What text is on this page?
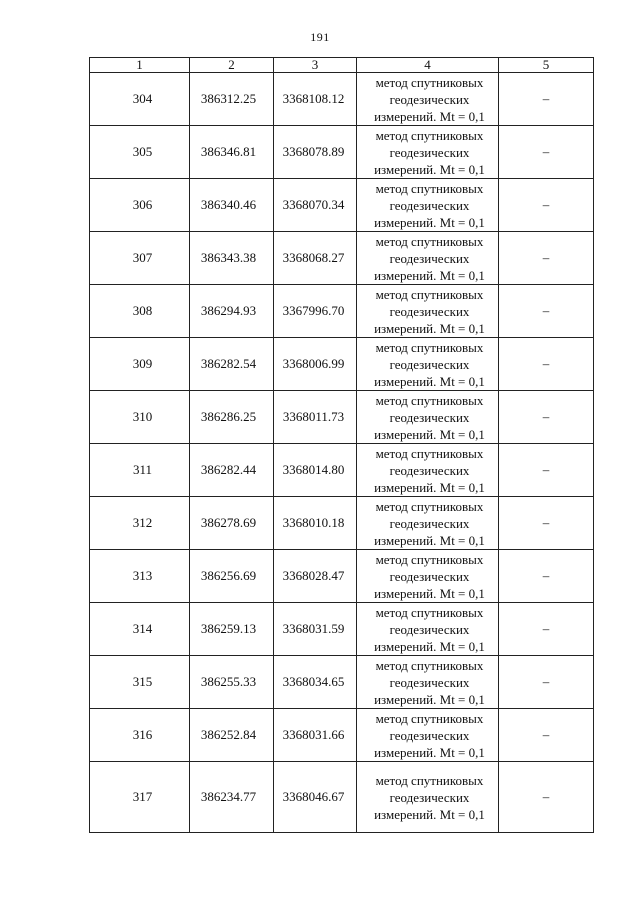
191
1	2	3	4	5
304	386312.25	3368108.12	метод спутниковых
геодезических
измерений. Mt = 0,1	–
305	386346.81	3368078.89	метод спутниковых
геодезических
измерений. Mt = 0,1	–
306	386340.46	3368070.34	метод спутниковых
геодезических
измерений. Mt = 0,1	–
307	386343.38	3368068.27	метод спутниковых
геодезических
измерений. Mt = 0,1	–
308	386294.93	3367996.70	метод спутниковых
геодезических
измерений. Mt = 0,1	–
309	386282.54	3368006.99	метод спутниковых
геодезических
измерений. Mt = 0,1	–
310	386286.25	3368011.73	метод спутниковых
геодезических
измерений. Mt = 0,1	–
311	386282.44	3368014.80	метод спутниковых
геодезических
измерений. Mt = 0,1	–
312	386278.69	3368010.18	метод спутниковых
геодезических
измерений. Mt = 0,1	–
313	386256.69	3368028.47	метод спутниковых
геодезических
измерений. Mt = 0,1	–
314	386259.13	3368031.59	метод спутниковых
геодезических
измерений. Mt = 0,1	–
315	386255.33	3368034.65	метод спутниковых
геодезических
измерений. Mt = 0,1	–
316	386252.84	3368031.66	метод спутниковых
геодезических
измерений. Mt = 0,1	–
317	386234.77	3368046.67	метод спутниковых
геодезических
измерений. Mt = 0,1	–
